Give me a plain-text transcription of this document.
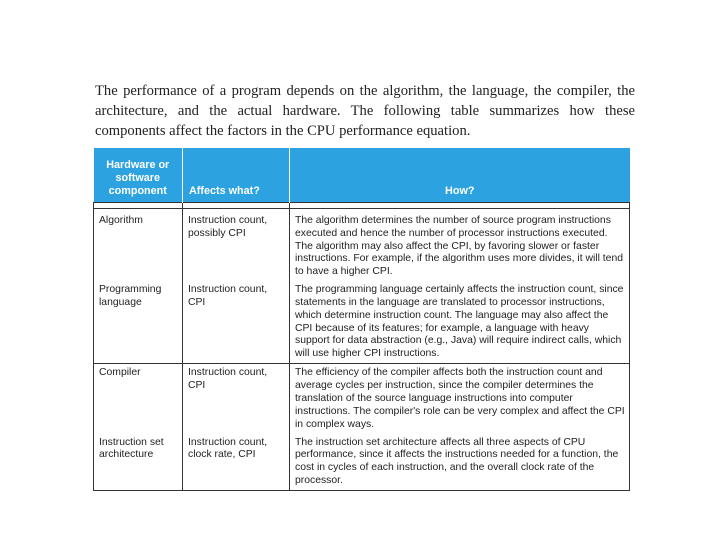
The performance of a program depends on the algorithm, the language, the compiler, the architecture, and the actual hardware. The following table summarizes how these components affect the factors in the CPU performance equation.

Hardware or software component	Affects what?	How?

Algorithm	Instruction count, possibly CPI	The algorithm determines the number of source program instructions executed and hence the number of processor instructions executed. The algorithm may also affect the CPI, by favoring slower or faster instructions. For example, if the algorithm uses more divides, it will tend to have a higher CPI.
Programming language	Instruction count, CPI	The programming language certainly affects the instruction count, since statements in the language are translated to processor instructions, which determine instruction count. The language may also affect the CPI because of its features; for example, a language with heavy support for data abstraction (e.g., Java) will require indirect calls, which will use higher CPI instructions.
Compiler	Instruction count, CPI	The efficiency of the compiler affects both the instruction count and average cycles per instruction, since the compiler determines the translation of the source language instructions into computer instructions. The compiler's role can be very complex and affect the CPI in complex ways.
Instruction set architecture	Instruction count, clock rate, CPI	The instruction set architecture affects all three aspects of CPU performance, since it affects the instructions needed for a function, the cost in cycles of each instruction, and the overall clock rate of the processor.
